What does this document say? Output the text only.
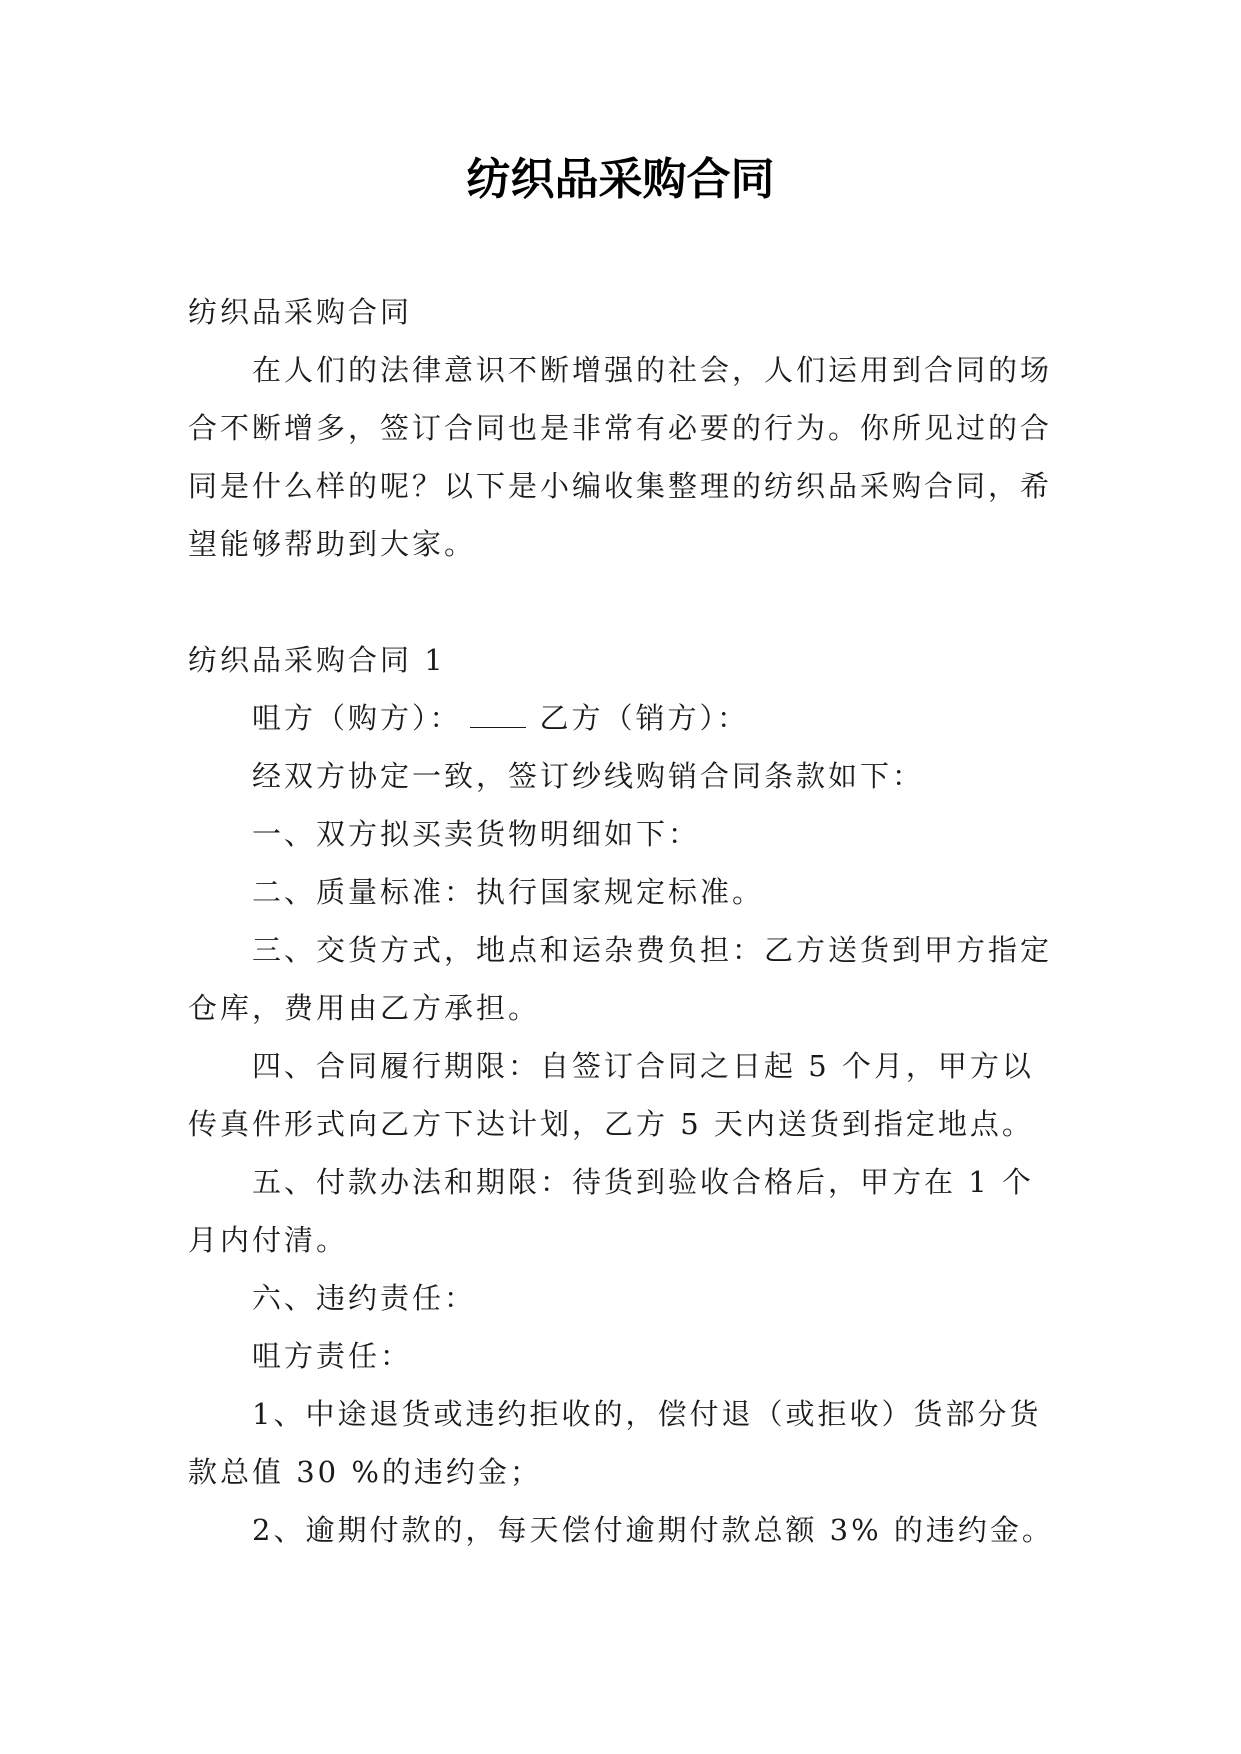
纺织品采购合同

纺织品采购合同

在人们的法律意识不断增强的社会，人们运用到合同的场合不断增多，签订合同也是非常有必要的行为。你所见过的合同是什么样的呢？以下是小编收集整理的纺织品采购合同，希望能够帮助到大家。

纺织品采购合同 1

咀方（购方）：	乙方（销方）：

经双方协定一致，签订纱线购销合同条款如下：

一、双方拟买卖货物明细如下：

二、质量标准：执行国家规定标准。

三、交货方式，地点和运杂费负担：乙方送货到甲方指定仓库，费用由乙方承担。

四、合同履行期限：自签订合同之日起 5 个月，甲方以传真件形式向乙方下达计划，乙方 5 天内送货到指定地点。

五、付款办法和期限：待货到验收合格后，甲方在 1 个月内付清。

六、违约责任：

咀方责任：

1、中途退货或违约拒收的，偿付退（或拒收）货部分货款总值 30 %的违约金；

2、逾期付款的，每天偿付逾期付款总额 3% 的违约金。
